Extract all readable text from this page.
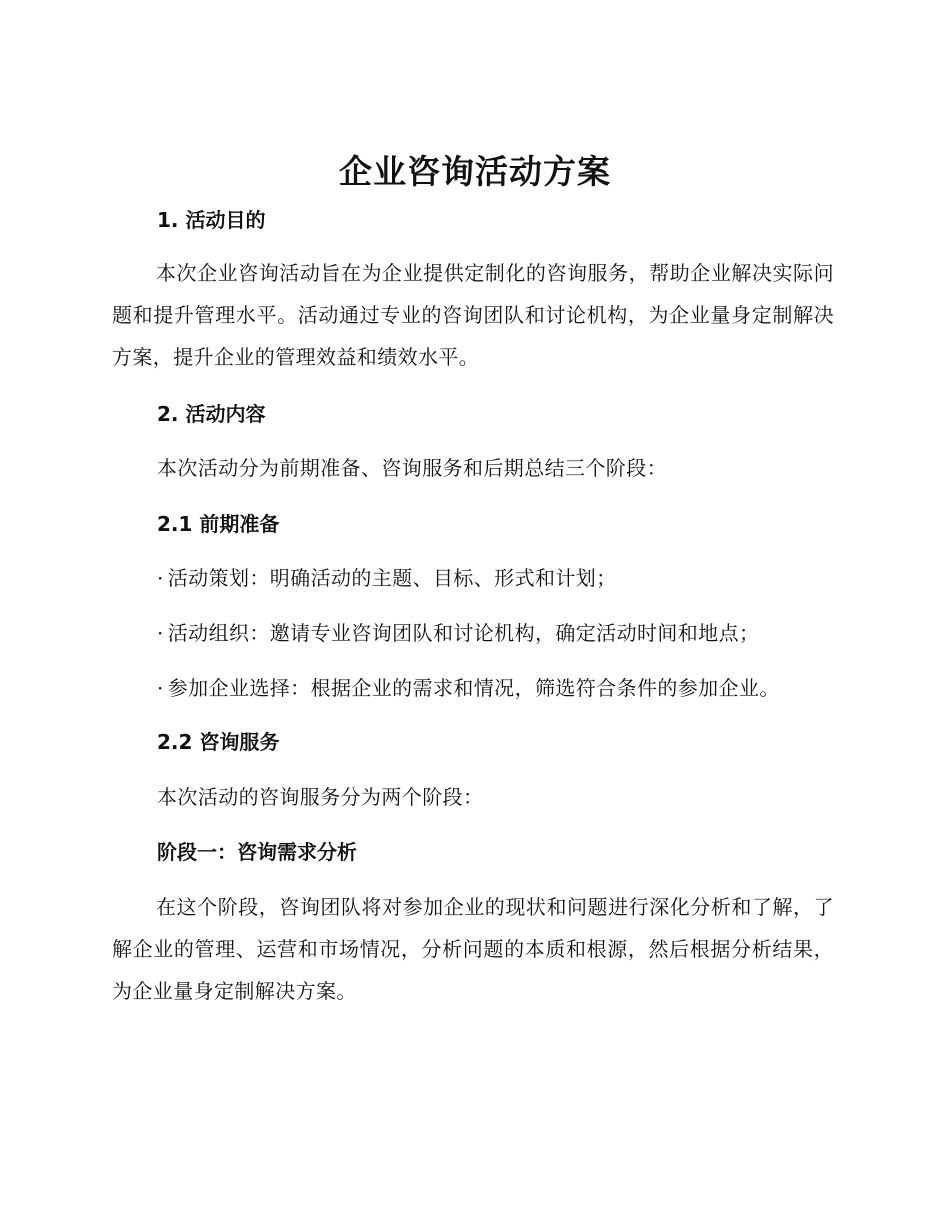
企业咨询活动方案
1. 活动目的

本次企业咨询活动旨在为企业提供定制化的咨询服务，帮助企业解决实际问题和提升管理水平。活动通过专业的咨询团队和讨论机构，为企业量身定制解决方案，提升企业的管理效益和绩效水平。

2. 活动内容

本次活动分为前期准备、咨询服务和后期总结三个阶段：

2.1 前期准备

· 活动策划：明确活动的主题、目标、形式和计划；

· 活动组织：邀请专业咨询团队和讨论机构，确定活动时间和地点；

· 参加企业选择：根据企业的需求和情况，筛选符合条件的参加企业。

2.2 咨询服务

本次活动的咨询服务分为两个阶段：

阶段一：咨询需求分析

在这个阶段，咨询团队将对参加企业的现状和问题进行深化分析和了解，了解企业的管理、运营和市场情况，分析问题的本质和根源，然后根据分析结果，为企业量身定制解决方案。
